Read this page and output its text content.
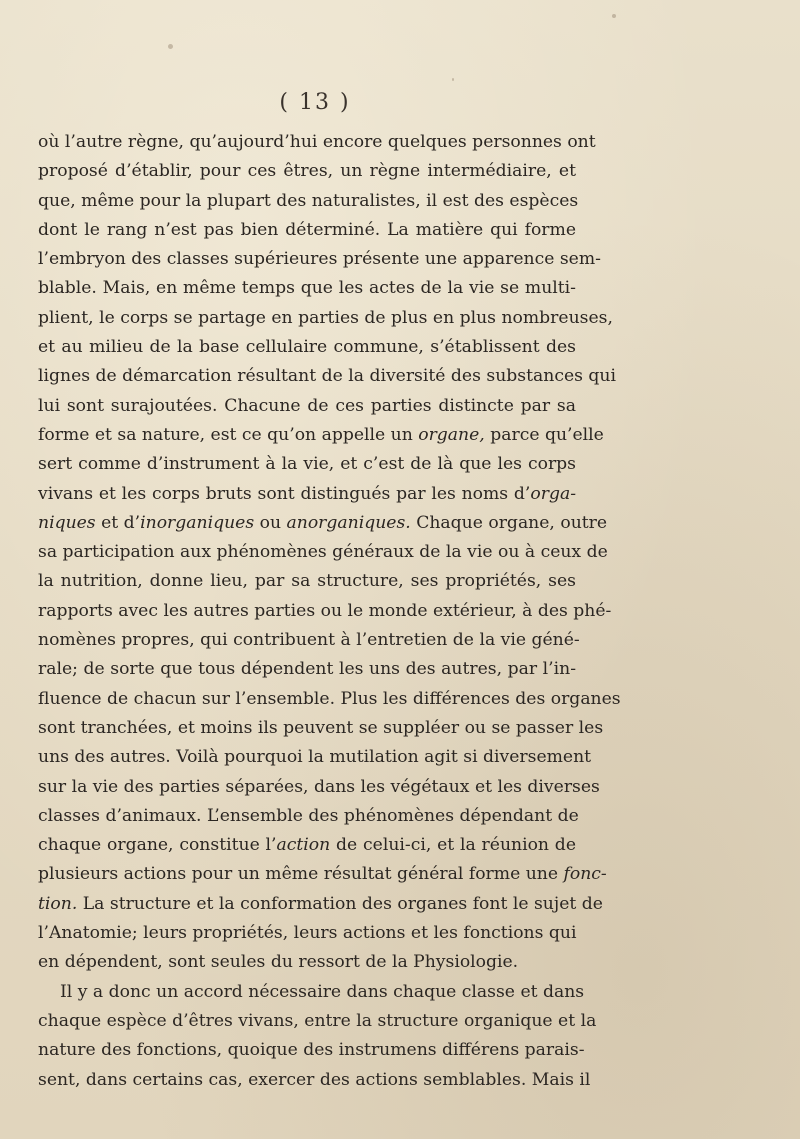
( 13 )
où l’autre règne, qu’aujourd’hui encore quelques personnes ont
proposé d’établir, pour ces êtres, un règne intermédiaire, et
que, même pour la plupart des naturalistes, il est des espèces
dont le rang n’est pas bien déterminé. La matière qui forme
l’embryon des classes supérieures présente une apparence sem-
blable. Mais, en même temps que les actes de la vie se multi-
plient, le corps se partage en parties de plus en plus nombreuses,
et au milieu de la base cellulaire commune, s’établissent des
lignes de démarcation résultant de la diversité des substances qui
lui sont surajoutées. Chacune de ces parties distincte par sa
forme et sa nature, est ce qu’on appelle un organe, parce qu’elle
sert comme d’instrument à la vie, et c’est de là que les corps
vivans et les corps bruts sont distingués par les noms d’orga-
niques et d’inorganiques ou anorganiques. Chaque organe, outre
sa participation aux phénomènes généraux de la vie ou à ceux de
la nutrition, donne lieu, par sa structure, ses propriétés, ses
rapports avec les autres parties ou le monde extérieur, à des phé-
nomènes propres, qui contribuent à l’entretien de la vie géné-
rale; de sorte que tous dépendent les uns des autres, par l’in-
fluence de chacun sur l’ensemble. Plus les différences des organes
sont tranchées, et moins ils peuvent se suppléer ou se passer les
uns des autres. Voilà pourquoi la mutilation agit si diversement
sur la vie des parties séparées, dans les végétaux et les diverses
classes d’animaux. L’ensemble des phénomènes dépendant de
chaque organe, constitue l’action de celui-ci, et la réunion de
plusieurs actions pour un même résultat général forme une fonc-
tion. La structure et la conformation des organes font le sujet de
l’Anatomie; leurs propriétés, leurs actions et les fonctions qui
en dépendent, sont seules du ressort de la Physiologie.
Il y a donc un accord nécessaire dans chaque classe et dans
chaque espèce d’êtres vivans, entre la structure organique et la
nature des fonctions, quoique des instrumens différens parais-
sent, dans certains cas, exercer des actions semblables. Mais il
